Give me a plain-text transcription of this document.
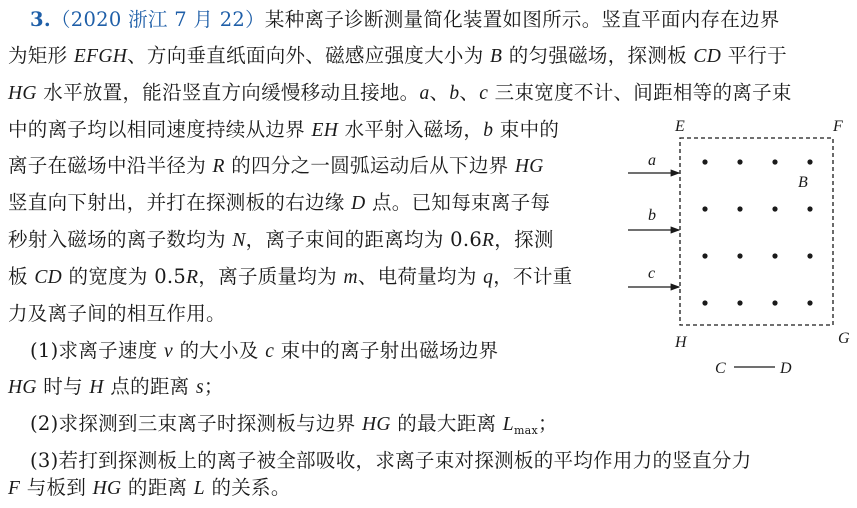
3.（2020 浙江 7 月 22）某种离子诊断测量简化装置如图所示。竖直平面内存在边界
为矩形 EFGH、方向垂直纸面向外、磁感应强度大小为 B 的匀强磁场，探测板 CD 平行于
HG 水平放置，能沿竖直方向缓慢移动且接地。a、b、c 三束宽度不计、间距相等的离子束
中的离子均以相同速度持续从边界 EH 水平射入磁场，b 束中的
离子在磁场中沿半径为 R 的四分之一圆弧运动后从下边界 HG
竖直向下射出，并打在探测板的右边缘 D 点。已知每束离子每
秒射入磁场的离子数均为 N，离子束间的距离均为 0.6R，探测
板 CD 的宽度为 0.5R，离子质量均为 m、电荷量均为 q，不计重
力及离子间的相互作用。
(1)求离子速度 v 的大小及 c 束中的离子射出磁场边界
HG 时与 H 点的距离 s；
(2)求探测到三束离子时探测板与边界 HG 的最大距离 $L_{max}$；
(3)若打到探测板上的离子被全部吸收，求离子束对探测板的平均作用力的竖直分力
F 与板到 HG 的距离 L 的关系。
E	F
G
H
B
a
b
c
C	D
